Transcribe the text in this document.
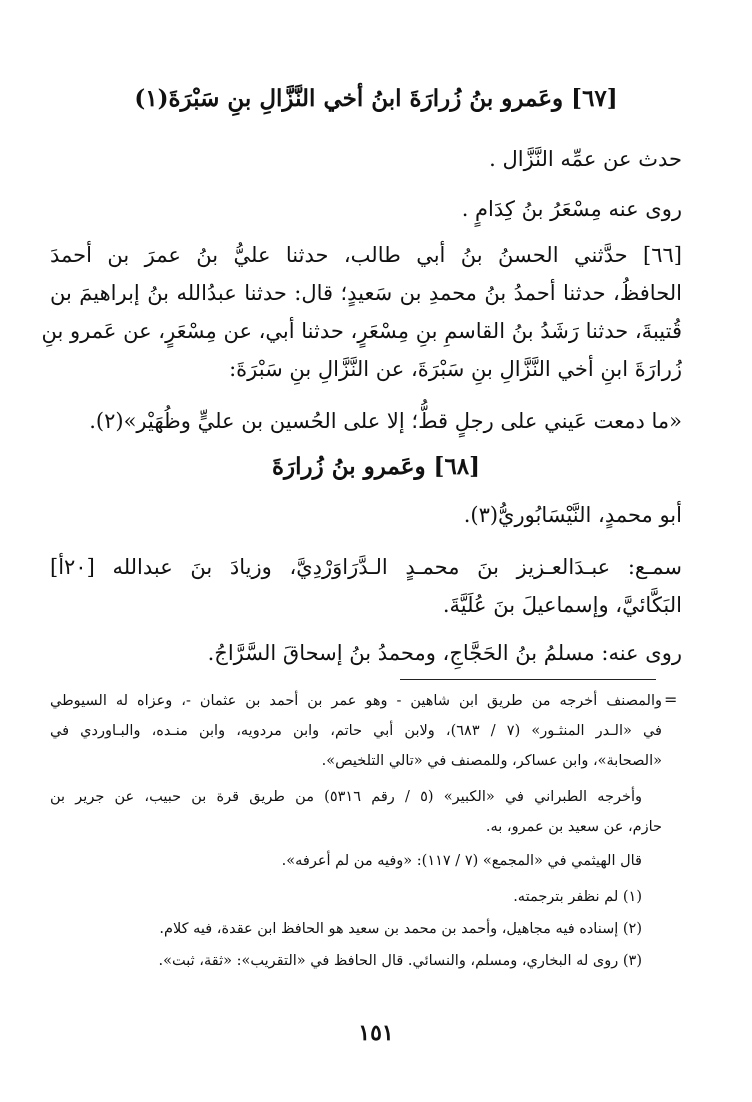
[٦٧] وعَمرو بنُ زُرارَةَ ابنُ أخي النَّزَّالِ بنِ سَبْرَةَ(١)
حدث عن عمِّه النَّزَّال .
روى عنه مِسْعَرُ بنُ كِدَامٍ .
[٦٦] حدَّثني الحسنُ بنُ أبي طالب، حدثنا عليُّ بنُ عمرَ بن أحمدَ
الحافظُ، حدثنا أحمدُ بنُ محمدِ بن سَعيدٍ؛ قال: حدثنا عبدُالله بنُ إبراهيمَ بن
قُتيبةَ، حدثنا رَشَدُ بنُ القاسمِ بنِ مِسْعَرٍ، حدثنا أبي، عن مِسْعَرٍ، عن عَمرو بنِ
زُرارَةَ ابنِ أخي النَّزَّالِ بنِ سَبْرَةَ، عن النَّزَّالِ بنِ سَبْرَةَ:
«ما دمعت عَيني على رجلٍ قطُّ؛ إلا على الحُسين بن عليٍّ وظُهَيْر»(٢).
[٦٨] وعَمرو بنُ زُرارَةَ
أبو محمدٍ، النَّيْسَابُوريُّ(٣).
سمـع: عبـدَالعـزيز بنَ محمـدٍ الـدَّرَاوَرْدِيَّ، وزيادَ بنَ عبدالله [٢٠أ]
البَكَّائيَّ، وإسماعيلَ بنَ عُلَيَّةَ.
روى عنه: مسلمُ بنُ الحَجَّاجِ، ومحمدُ بنُ إسحاقَ السَّرَّاجُ.
=
والمصنف أخرجه من طريق ابن شاهين - وهو عمر بن أحمد بن عثمان -، وعزاه له السيوطي
في «الـدر المنثـور» (٧ / ٦٨٣)، ولابن أبي حاتم، وابن مردويه، وابن منـده، والبـاوردي في
«الصحابة»، وابن عساكر، وللمصنف في «تالي التلخيص».
وأخرجه الطبراني في «الكبير» (٥ / رقم ٥٣١٦) من طريق قرة بن حبيب، عن جرير بن
حازم، عن سعيد بن عمرو، به.
قال الهيثمي في «المجمع» (٧ / ١١٧): «وفيه من لم أعرفه».
(١) لم نظفر بترجمته.
(٢) إسناده فيه مجاهيل، وأحمد بن محمد بن سعيد هو الحافظ ابن عقدة، فيه كلام.
(٣) روى له البخاري، ومسلم، والنسائي. قال الحافظ في «التقريب»: «ثقة، ثبت».
١٥١
